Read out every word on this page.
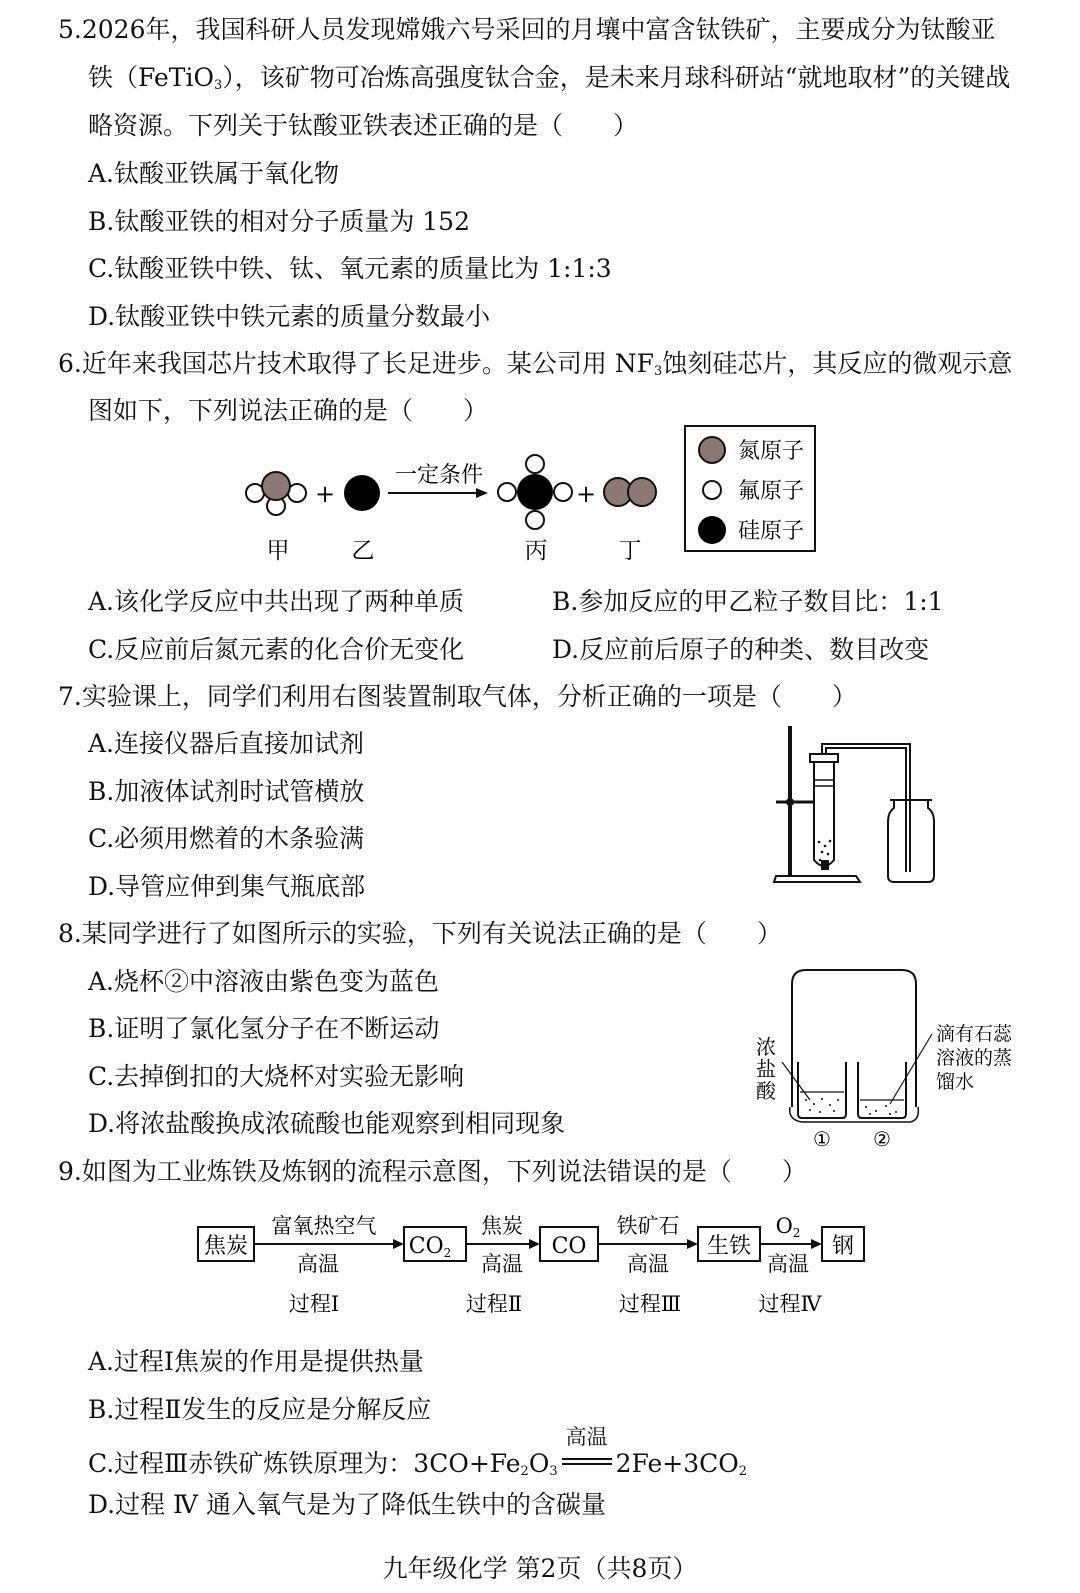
5.2026年，我国科研人员发现嫦娥六号采回的月壤中富含钛铁矿，主要成分为钛酸亚
铁（FeTiO$_3$），该矿物可冶炼高强度钛合金，是未来月球科研站“就地取材”的关键战
略资源。下列关于钛酸亚铁表述正确的是（　　）
A.钛酸亚铁属于氧化物
B.钛酸亚铁的相对分子质量为 152
C.钛酸亚铁中铁、钛、氧元素的质量比为 1:1:3
D.钛酸亚铁中铁元素的质量分数最小
6.近年来我国芯片技术取得了长足进步。某公司用 $NF_3$蚀刻硅芯片，其反应的微观示意
图如下，下列说法正确的是（　　）
+
一定条件
+
甲	乙	丙	丁
氮原子
氟原子
硅原子
A.该化学反应中共出现了两种单质	B.参加反应的甲乙粒子数目比：1:1
C.反应前后氮元素的化合价无变化	D.反应前后原子的种类、数目改变
7.实验课上，同学们利用右图装置制取气体，分析正确的一项是（　　）
A.连接仪器后直接加试剂
B.加液体试剂时试管横放
C.必须用燃着的木条验满
D.导管应伸到集气瓶底部
8.某同学进行了如图所示的实验，下列有关说法正确的是（　　）
A.烧杯②中溶液由紫色变为蓝色
B.证明了氯化氢分子在不断运动
C.去掉倒扣的大烧杯对实验无影响
D.将浓盐酸换成浓硫酸也能观察到相同现象
浓
盐
酸
滴有石蕊
溶液的蒸
馏水
① ②
9.如图为工业炼铁及炼钢的流程示意图，下列说法错误的是（　　）
焦炭	CO2	CO	生铁	钢
富氧热空气
高温
焦炭
高温
铁矿石
高温
O2
高温
过程Ⅰ	过程Ⅱ	过程Ⅲ	过程Ⅳ
A.过程Ⅰ焦炭的作用是提供热量
B.过程Ⅱ发生的反应是分解反应
C.过程Ⅲ赤铁矿炼铁原理为：$3CO+Fe_2O_3$
高温
$2Fe+3CO_2$
D.过程 Ⅳ 通入氧气是为了降低生铁中的含碳量
九年级化学 第2页（共8页）
